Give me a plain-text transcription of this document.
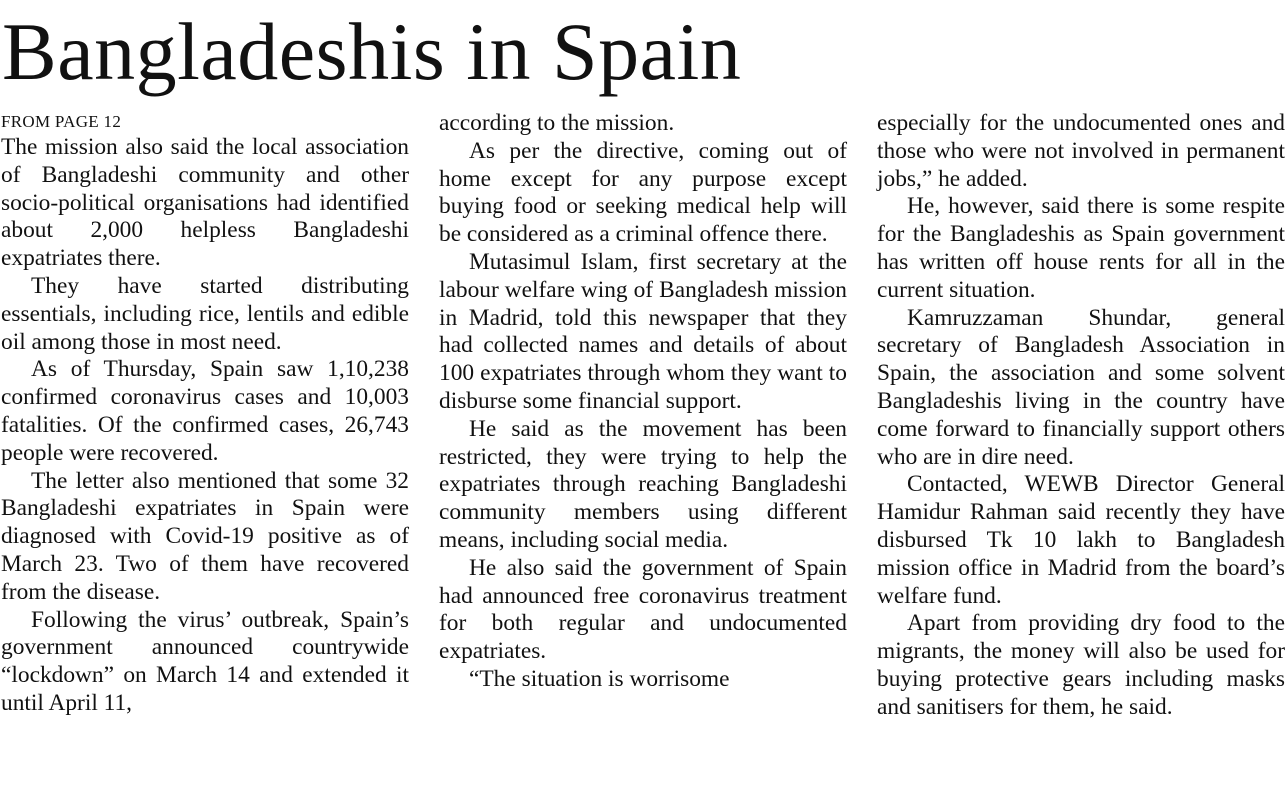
Bangladeshis in Spain
FROM PAGE 12

The mission also said the local association of Bangladeshi community and other socio-political organisations had identified about 2,000 helpless Bangladeshi expatriates there.

They have started distributing essentials, including rice, lentils and edible oil among those in most need.

As of Thursday, Spain saw 1,10,238 confirmed coronavirus cases and 10,003 fatalities. Of the confirmed cases, 26,743 people were recovered.

The letter also mentioned that some 32 Bangladeshi expatriates in Spain were diagnosed with Covid-19 positive as of March 23. Two of them have recovered from the disease.

Following the virus’ outbreak, Spain’s government announced countrywide “lockdown” on March 14 and extended it until April 11,

according to the mission.

As per the directive, coming out of home except for any purpose except buying food or seeking medical help will be considered as a criminal offence there.

Mutasimul Islam, first secretary at the labour welfare wing of Bangladesh mission in Madrid, told this newspaper that they had collected names and details of about 100 expatriates through whom they want to disburse some financial support.

He said as the movement has been restricted, they were trying to help the expatriates through reaching Bangladeshi community members using different means, including social media.

He also said the government of Spain had announced free coronavirus treatment for both regular and undocumented expatriates.

“The situation is worrisome

especially for the undocumented ones and those who were not involved in permanent jobs,” he added.

He, however, said there is some respite for the Bangladeshis as Spain government has written off house rents for all in the current situation.

Kamruzzaman Shundar, general secretary of Bangladesh Association in Spain, the association and some solvent Bangladeshis living in the country have come forward to financially support others who are in dire need.

Contacted, WEWB Director General Hamidur Rahman said recently they have disbursed Tk 10 lakh to Bangladesh mission office in Madrid from the board’s welfare fund.

Apart from providing dry food to the migrants, the money will also be used for buying protective gears including masks and sanitisers for them, he said.
